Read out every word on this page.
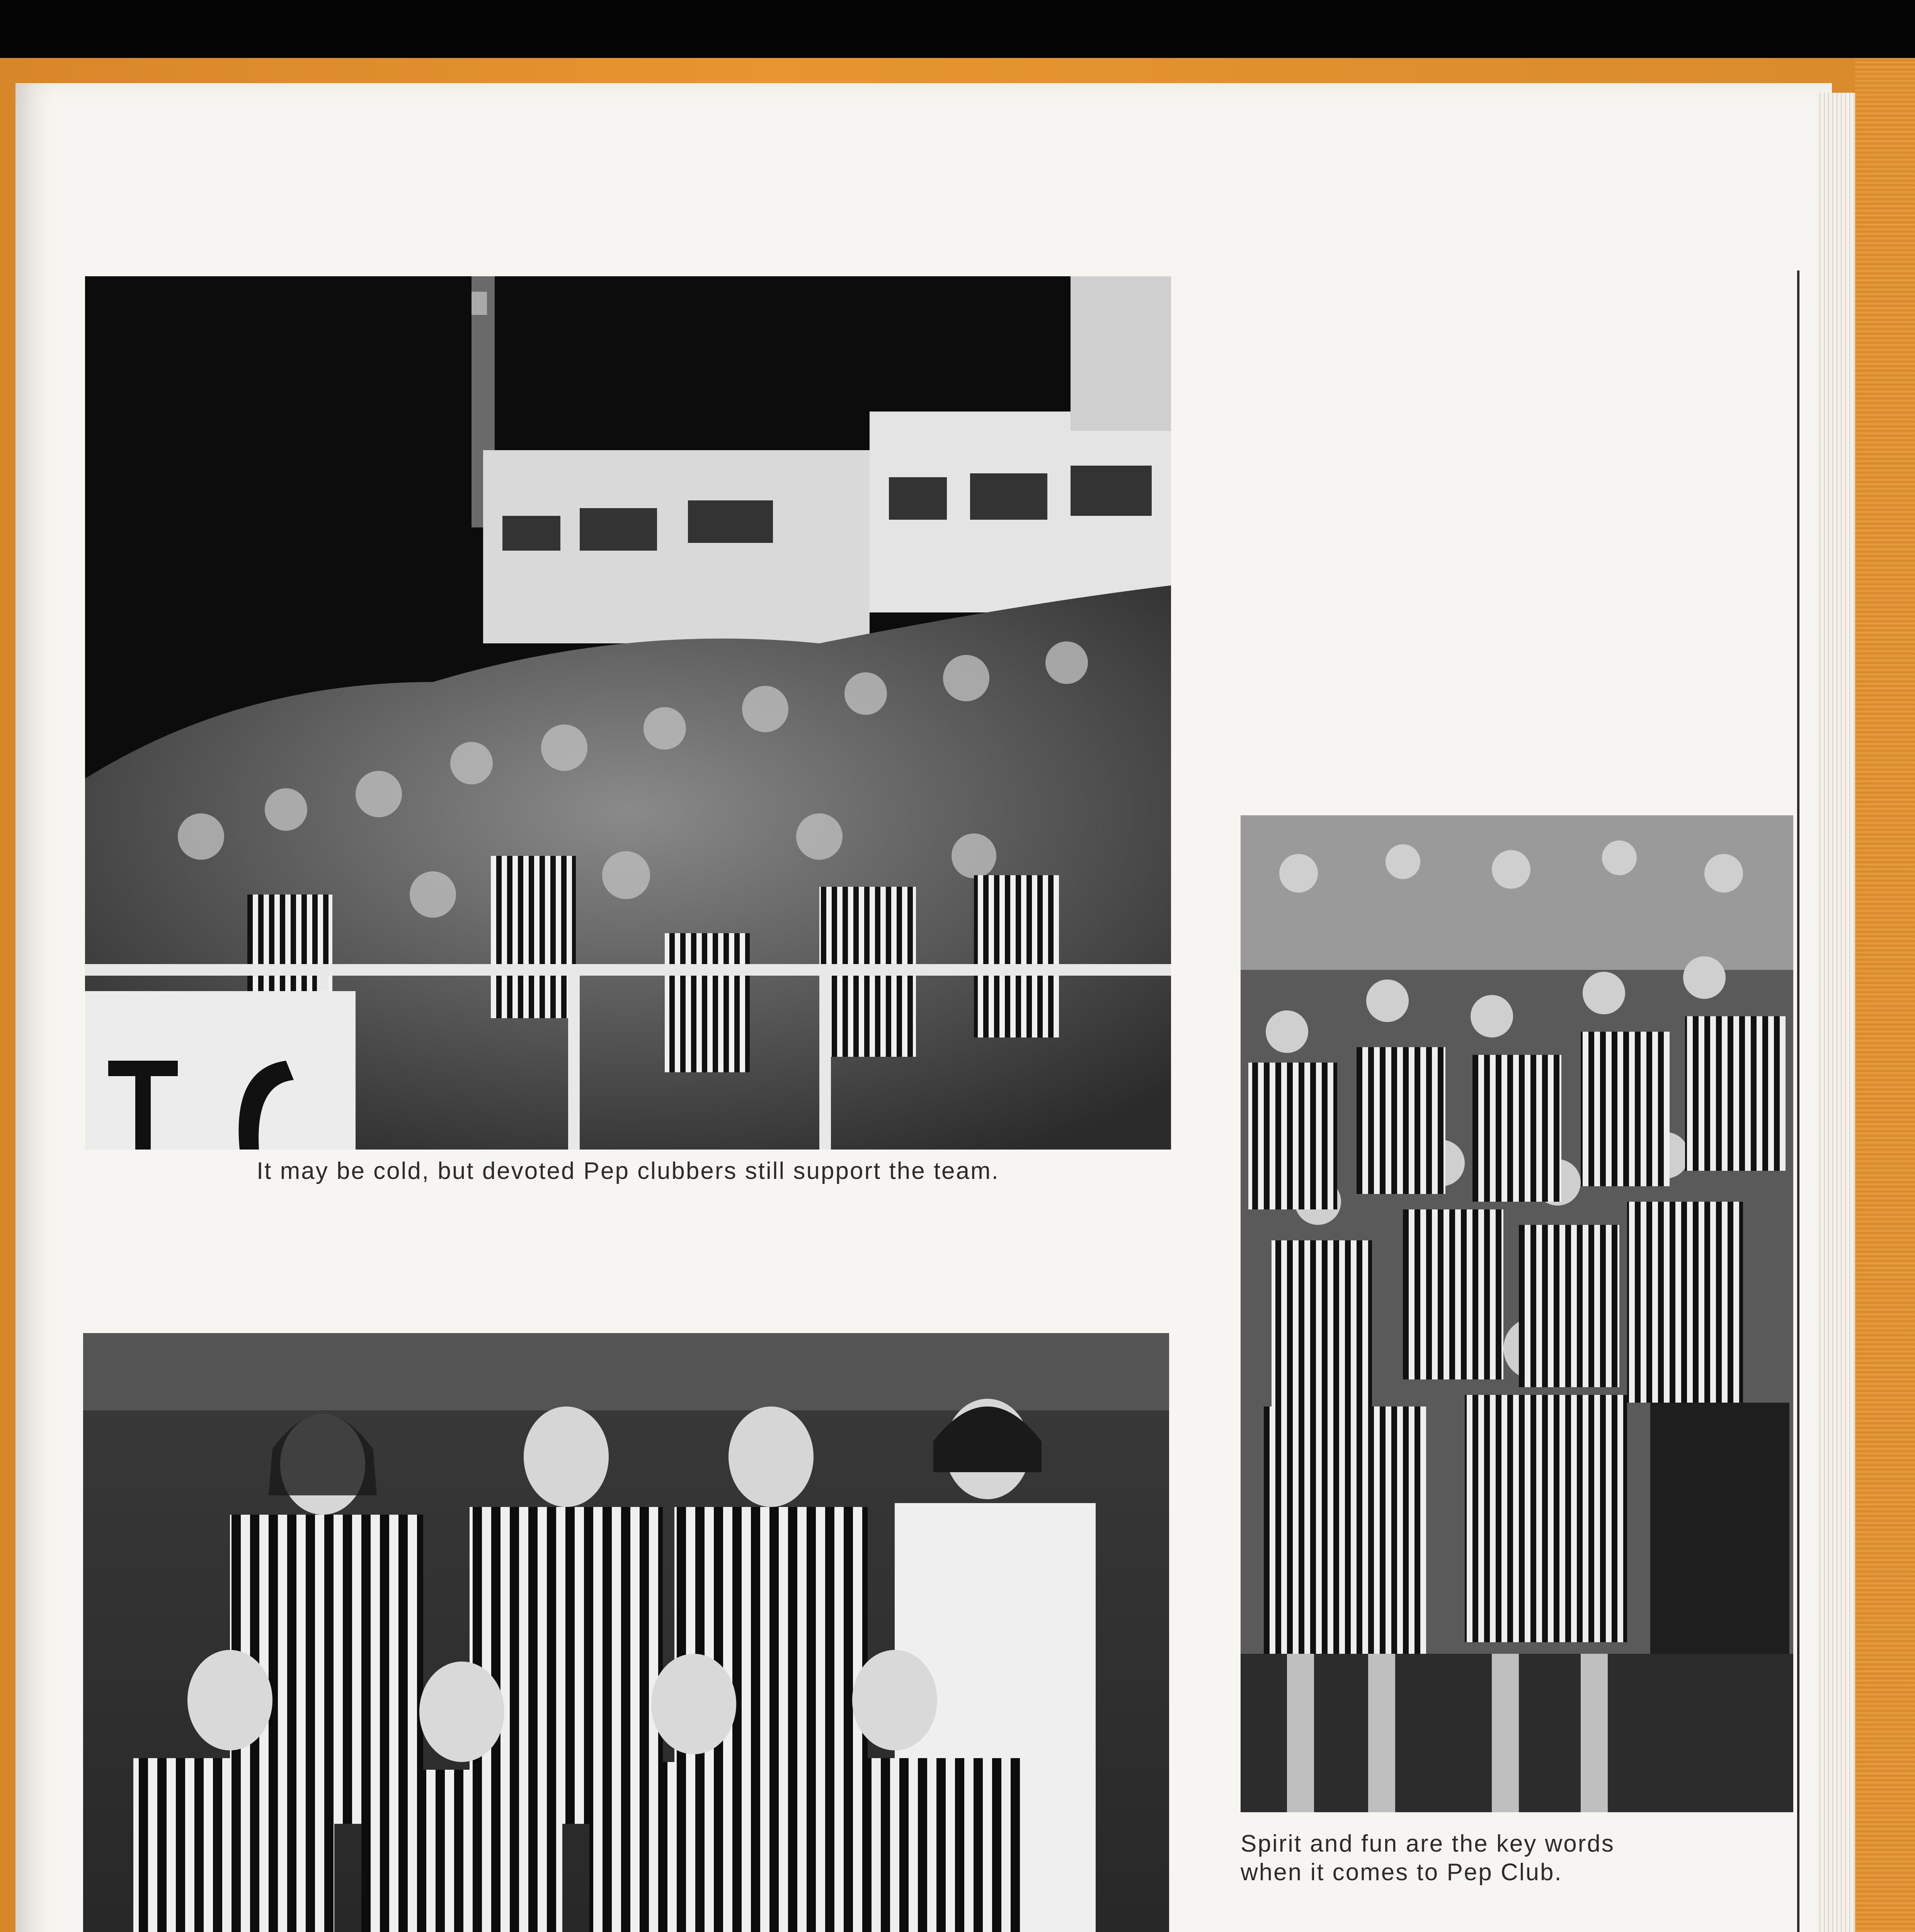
It may be cold, but devoted Pep clubbers still support the team.
Spirit and fun are the key words when it comes to Pep Club.
